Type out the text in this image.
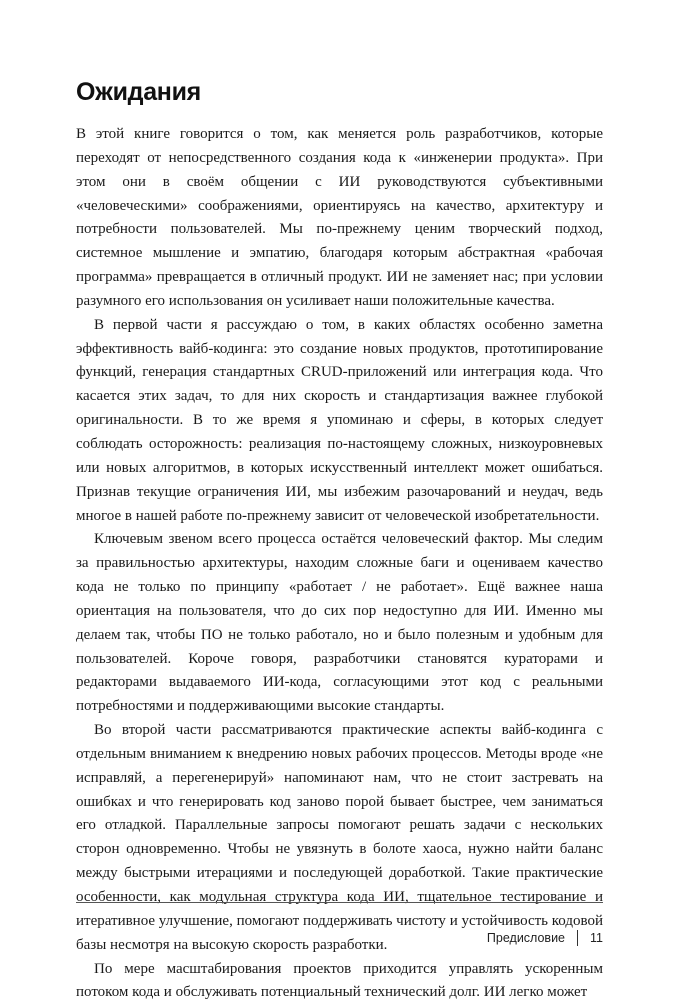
Ожидания

В этой книге говорится о том, как меняется роль разработчиков, которые переходят от непосредственного создания кода к «инженерии продукта». При этом они в своём общении с ИИ руководствуются субъективными «человеческими» соображениями, ориентируясь на качество, архитектуру и потребности пользователей. Мы по-прежнему ценим творческий подход, системное мышление и эмпатию, благодаря которым абстрактная «рабочая программа» превращается в отличный продукт. ИИ не заменяет нас; при условии разумного его использования он усиливает наши положительные качества.

В первой части я рассуждаю о том, в каких областях особенно заметна эффективность вайб-кодинга: это создание новых продуктов, прототипирование функций, генерация стандартных CRUD-приложений или интеграция кода. Что касается этих задач, то для них скорость и стандартизация важнее глубокой оригинальности. В то же время я упоминаю и сферы, в которых следует соблюдать осторожность: реализация по-настоящему сложных, низкоуровневых или новых алгоритмов, в которых искусственный интеллект может ошибаться. Признав текущие ограничения ИИ, мы избежим разочарований и неудач, ведь многое в нашей работе по-прежнему зависит от человеческой изобретательности.

Ключевым звеном всего процесса остаётся человеческий фактор. Мы следим за правильностью архитектуры, находим сложные баги и оцениваем качество кода не только по принципу «работает / не работает». Ещё важнее наша ориентация на пользователя, что до сих пор недоступно для ИИ. Именно мы делаем так, чтобы ПО не только работало, но и было полезным и удобным для пользователей. Короче говоря, разработчики становятся кураторами и редакторами выдаваемого ИИ-кода, согласующими этот код с реальными потребностями и поддерживающими высокие стандарты.

Во второй части рассматриваются практические аспекты вайб-кодинга с отдельным вниманием к внедрению новых рабочих процессов. Методы вроде «не исправляй, а перегенерируй» напоминают нам, что не стоит застревать на ошибках и что генерировать код заново порой бывает быстрее, чем заниматься его отладкой. Параллельные запросы помогают решать задачи с нескольких сторон одновременно. Чтобы не увязнуть в болоте хаоса, нужно найти баланс между быстрыми итерациями и последующей доработкой. Такие практические особенности, как модульная структура кода ИИ, тщательное тестирование и итеративное улучшение, помогают поддерживать чистоту и устойчивость кодовой базы несмотря на высокую скорость разработки.

По мере масштабирования проектов приходится управлять ускоренным потоком кода и обслуживать потенциальный технический долг. ИИ легко может

Предисловие 11
